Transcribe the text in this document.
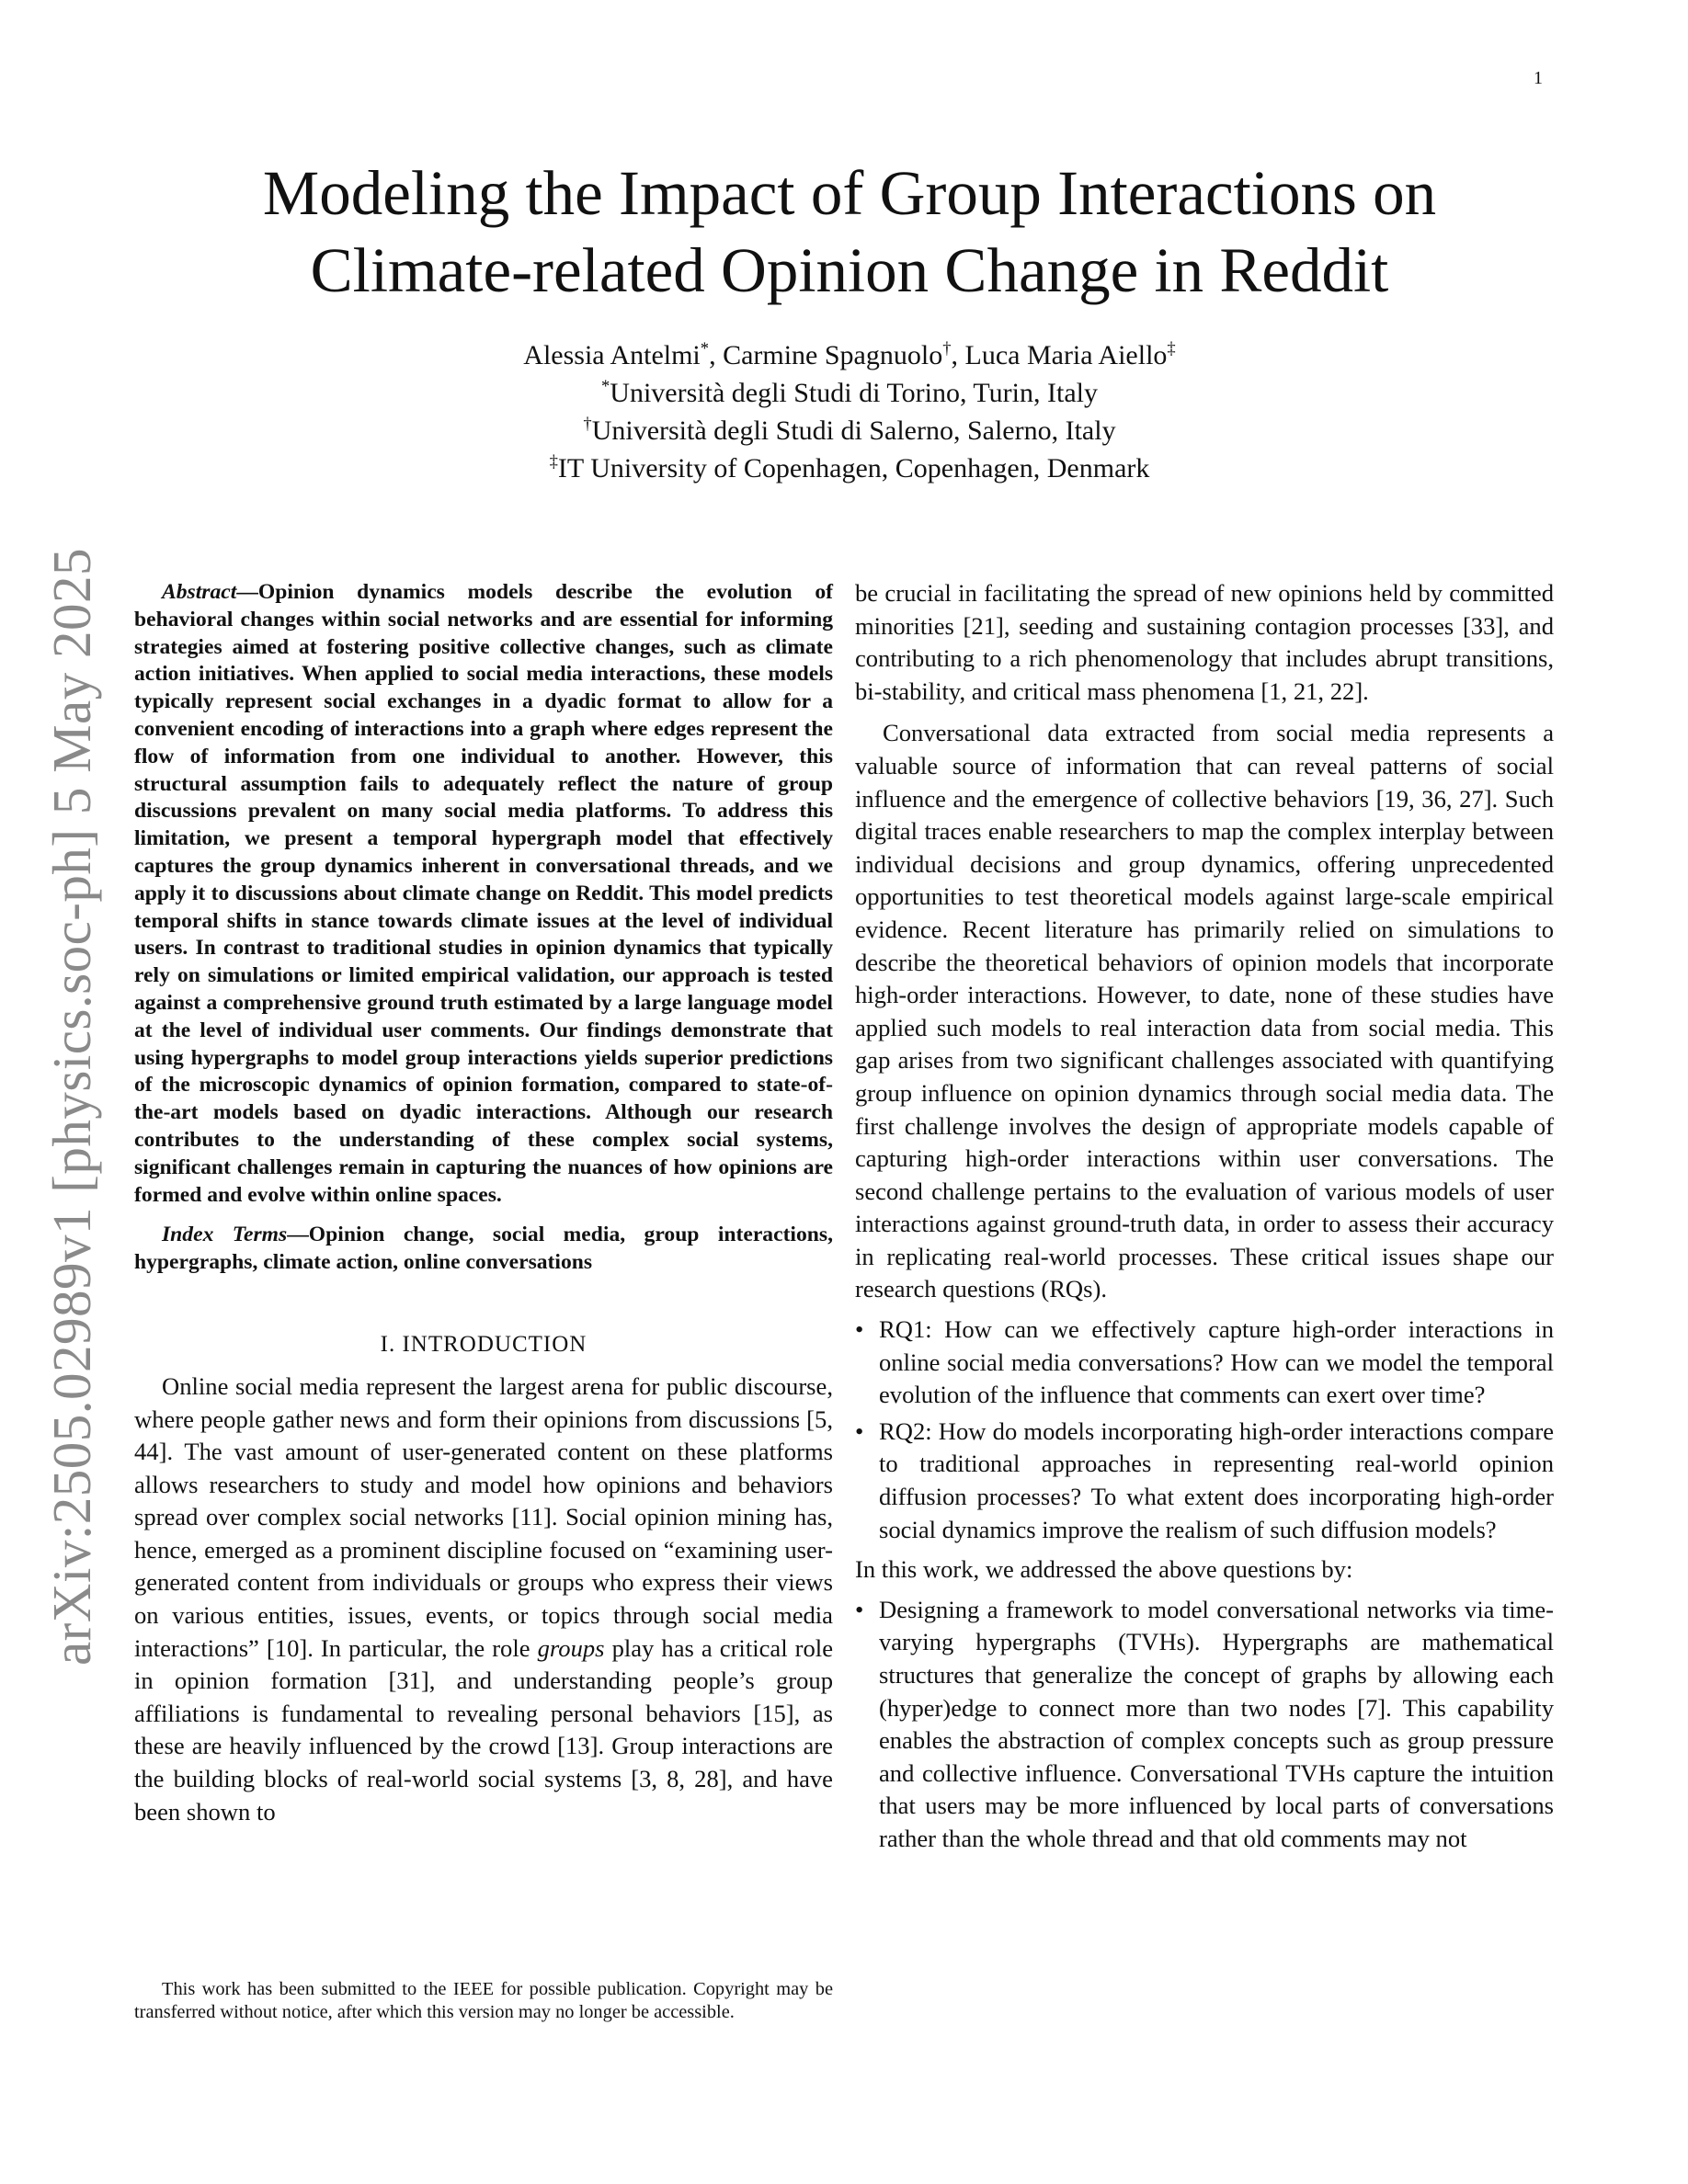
1
arXiv:2505.02989v1 [physics.soc-ph] 5 May 2025
Modeling the Impact of Group Interactions on
Climate-related Opinion Change in Reddit
Alessia Antelmi*, Carmine Spagnuolo†, Luca Maria Aiello‡
*Università degli Studi di Torino, Turin, Italy
†Università degli Studi di Salerno, Salerno, Italy
‡IT University of Copenhagen, Copenhagen, Denmark

Abstract—Opinion dynamics models describe the evolution of behavioral changes within social networks and are essential for informing strategies aimed at fostering positive collective changes, such as climate action initiatives. When applied to social media interactions, these models typically represent social exchanges in a dyadic format to allow for a convenient encoding of interactions into a graph where edges represent the flow of information from one individual to another. However, this structural assumption fails to adequately reflect the nature of group discussions prevalent on many social media platforms. To address this limitation, we present a temporal hypergraph model that effectively captures the group dynamics inherent in conversational threads, and we apply it to discussions about climate change on Reddit. This model predicts temporal shifts in stance towards climate issues at the level of individual users. In contrast to traditional studies in opinion dynamics that typically rely on simulations or limited empirical validation, our approach is tested against a comprehensive ground truth estimated by a large language model at the level of individual user comments. Our findings demonstrate that using hypergraphs to model group interactions yields superior predictions of the microscopic dynamics of opinion formation, compared to state-of-the-art models based on dyadic interactions. Although our research contributes to the understanding of these complex social systems, significant challenges remain in capturing the nuances of how opinions are formed and evolve within online spaces.

Index Terms—Opinion change, social media, group interactions, hypergraphs, climate action, online conversations

I. INTRODUCTION

Online social media represent the largest arena for public discourse, where people gather news and form their opinions from discussions [5, 44]. The vast amount of user-generated content on these platforms allows researchers to study and model how opinions and behaviors spread over complex social networks [11]. Social opinion mining has, hence, emerged as a prominent discipline focused on “examining user-generated content from individuals or groups who express their views on various entities, issues, events, or topics through social media interactions” [10]. In particular, the role groups play has a critical role in opinion formation [31], and understanding people’s group affiliations is fundamental to revealing personal behaviors [15], as these are heavily influenced by the crowd [13]. Group interactions are the building blocks of real-world social systems [3, 8, 28], and have been shown to

This work has been submitted to the IEEE for possible publication. Copyright may be transferred without notice, after which this version may no longer be accessible.

be crucial in facilitating the spread of new opinions held by committed minorities [21], seeding and sustaining contagion processes [33], and contributing to a rich phenomenology that includes abrupt transitions, bi-stability, and critical mass phenomena [1, 21, 22].

Conversational data extracted from social media represents a valuable source of information that can reveal patterns of social influence and the emergence of collective behaviors [19, 36, 27]. Such digital traces enable researchers to map the complex interplay between individual decisions and group dynamics, offering unprecedented opportunities to test theoretical models against large-scale empirical evidence. Recent literature has primarily relied on simulations to describe the theoretical behaviors of opinion models that incorporate high-order interactions. However, to date, none of these studies have applied such models to real interaction data from social media. This gap arises from two significant challenges associated with quantifying group influence on opinion dynamics through social media data. The first challenge involves the design of appropriate models capable of capturing high-order interactions within user conversations. The second challenge pertains to the evaluation of various models of user interactions against ground-truth data, in order to assess their accuracy in replicating real-world processes. These critical issues shape our research questions (RQs).

• RQ1: How can we effectively capture high-order interactions in online social media conversations? How can we model the temporal evolution of the influence that comments can exert over time?
• RQ2: How do models incorporating high-order interactions compare to traditional approaches in representing real-world opinion diffusion processes? To what extent does incorporating high-order social dynamics improve the realism of such diffusion models?

In this work, we addressed the above questions by:

• Designing a framework to model conversational networks via time-varying hypergraphs (TVHs). Hypergraphs are mathematical structures that generalize the concept of graphs by allowing each (hyper)edge to connect more than two nodes [7]. This capability enables the abstraction of complex concepts such as group pressure and collective influence. Conversational TVHs capture the intuition that users may be more influenced by local parts of conversations rather than the whole thread and that old comments may not
